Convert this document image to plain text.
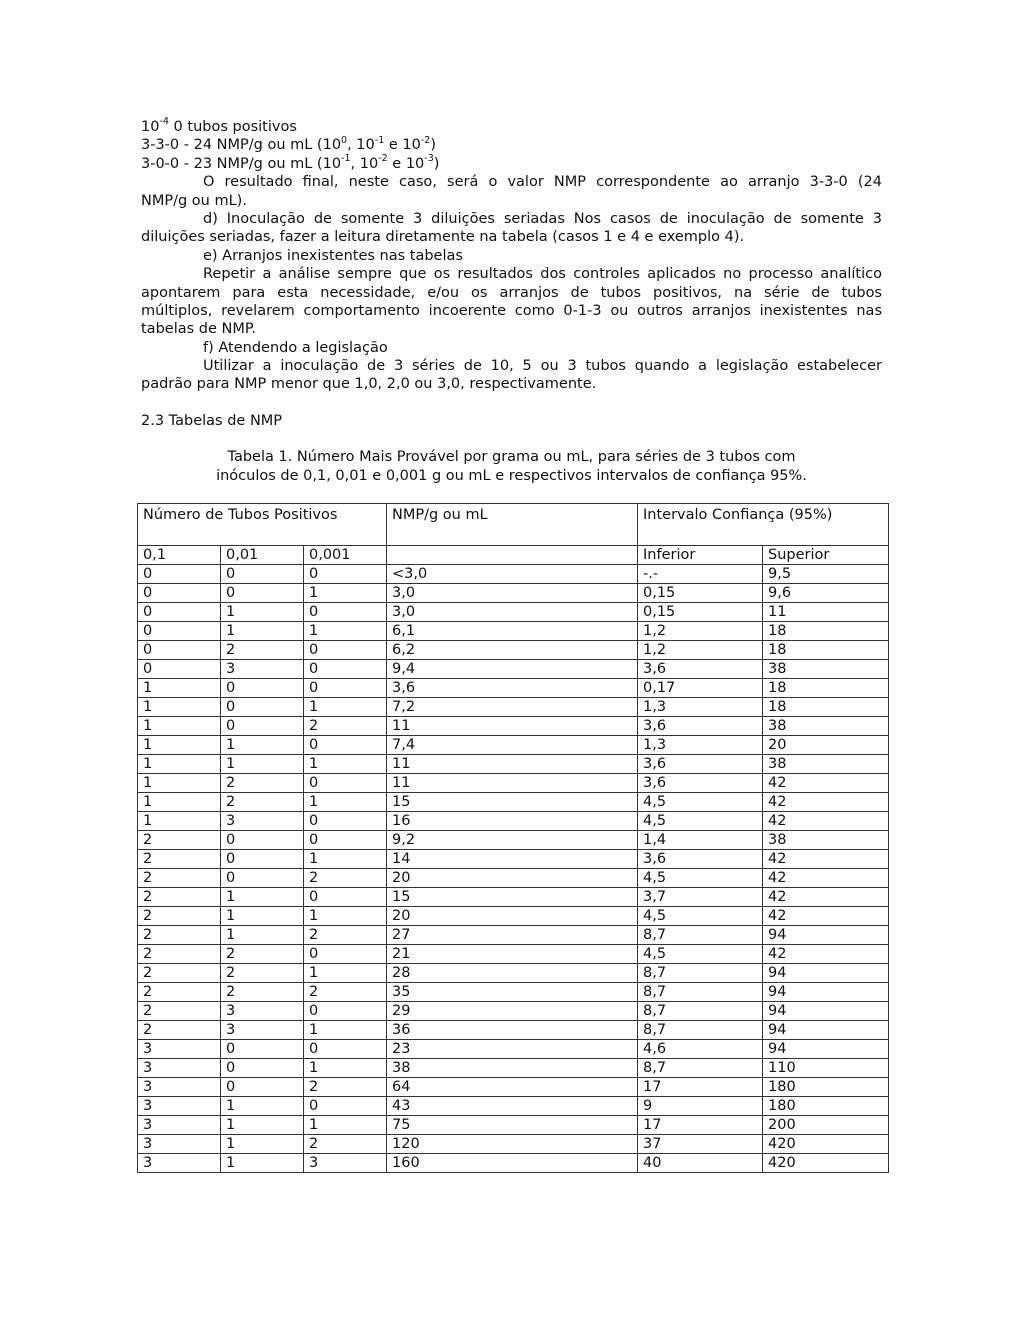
$10^{-4}$ 0 tubos positivos
3-3-0 - 24 NMP/g ou mL ($10^0$, $10^{-1}$ e $10^{-2}$)
3-0-0 - 23 NMP/g ou mL ($10^{-1}$, $10^{-2}$ e $10^{-3}$)
O resultado final, neste caso, será o valor NMP correspondente ao arranjo 3-3-0 (24
NMP/g ou mL).
d) Inoculação de somente 3 diluições seriadas Nos casos de inoculação de somente 3
diluições seriadas, fazer a leitura diretamente na tabela (casos 1 e 4 e exemplo 4).
e) Arranjos inexistentes nas tabelas
Repetir a análise sempre que os resultados dos controles aplicados no processo analítico
apontarem para esta necessidade, e/ou os arranjos de tubos positivos, na série de tubos
múltiplos, revelarem comportamento incoerente como 0-1-3 ou outros arranjos inexistentes nas
tabelas de NMP.
f) Atendendo a legislação
Utilizar a inoculação de 3 séries de 10, 5 ou 3 tubos quando a legislação estabelecer
padrão para NMP menor que 1,0, 2,0 ou 3,0, respectivamente.
2.3 Tabelas de NMP
Tabela 1. Número Mais Provável por grama ou mL, para séries de 3 tubos com
inóculos de 0,1, 0,01 e 0,001 g ou mL e respectivos intervalos de confiança 95%.
Número de Tubos Positivos			NMP/g ou mL	Intervalo Confiança (95%)	
0,1	0,01	0,001		Inferior	Superior
0	0	0	<3,0	-.-	9,5
0	0	1	3,0	0,15	9,6
0	1	0	3,0	0,15	11
0	1	1	6,1	1,2	18
0	2	0	6,2	1,2	18
0	3	0	9,4	3,6	38
1	0	0	3,6	0,17	18
1	0	1	7,2	1,3	18
1	0	2	11	3,6	38
1	1	0	7,4	1,3	20
1	1	1	11	3,6	38
1	2	0	11	3,6	42
1	2	1	15	4,5	42
1	3	0	16	4,5	42
2	0	0	9,2	1,4	38
2	0	1	14	3,6	42
2	0	2	20	4,5	42
2	1	0	15	3,7	42
2	1	1	20	4,5	42
2	1	2	27	8,7	94
2	2	0	21	4,5	42
2	2	1	28	8,7	94
2	2	2	35	8,7	94
2	3	0	29	8,7	94
2	3	1	36	8,7	94
3	0	0	23	4,6	94
3	0	1	38	8,7	110
3	0	2	64	17	180
3	1	0	43	9	180
3	1	1	75	17	200
3	1	2	120	37	420
3	1	3	160	40	420
